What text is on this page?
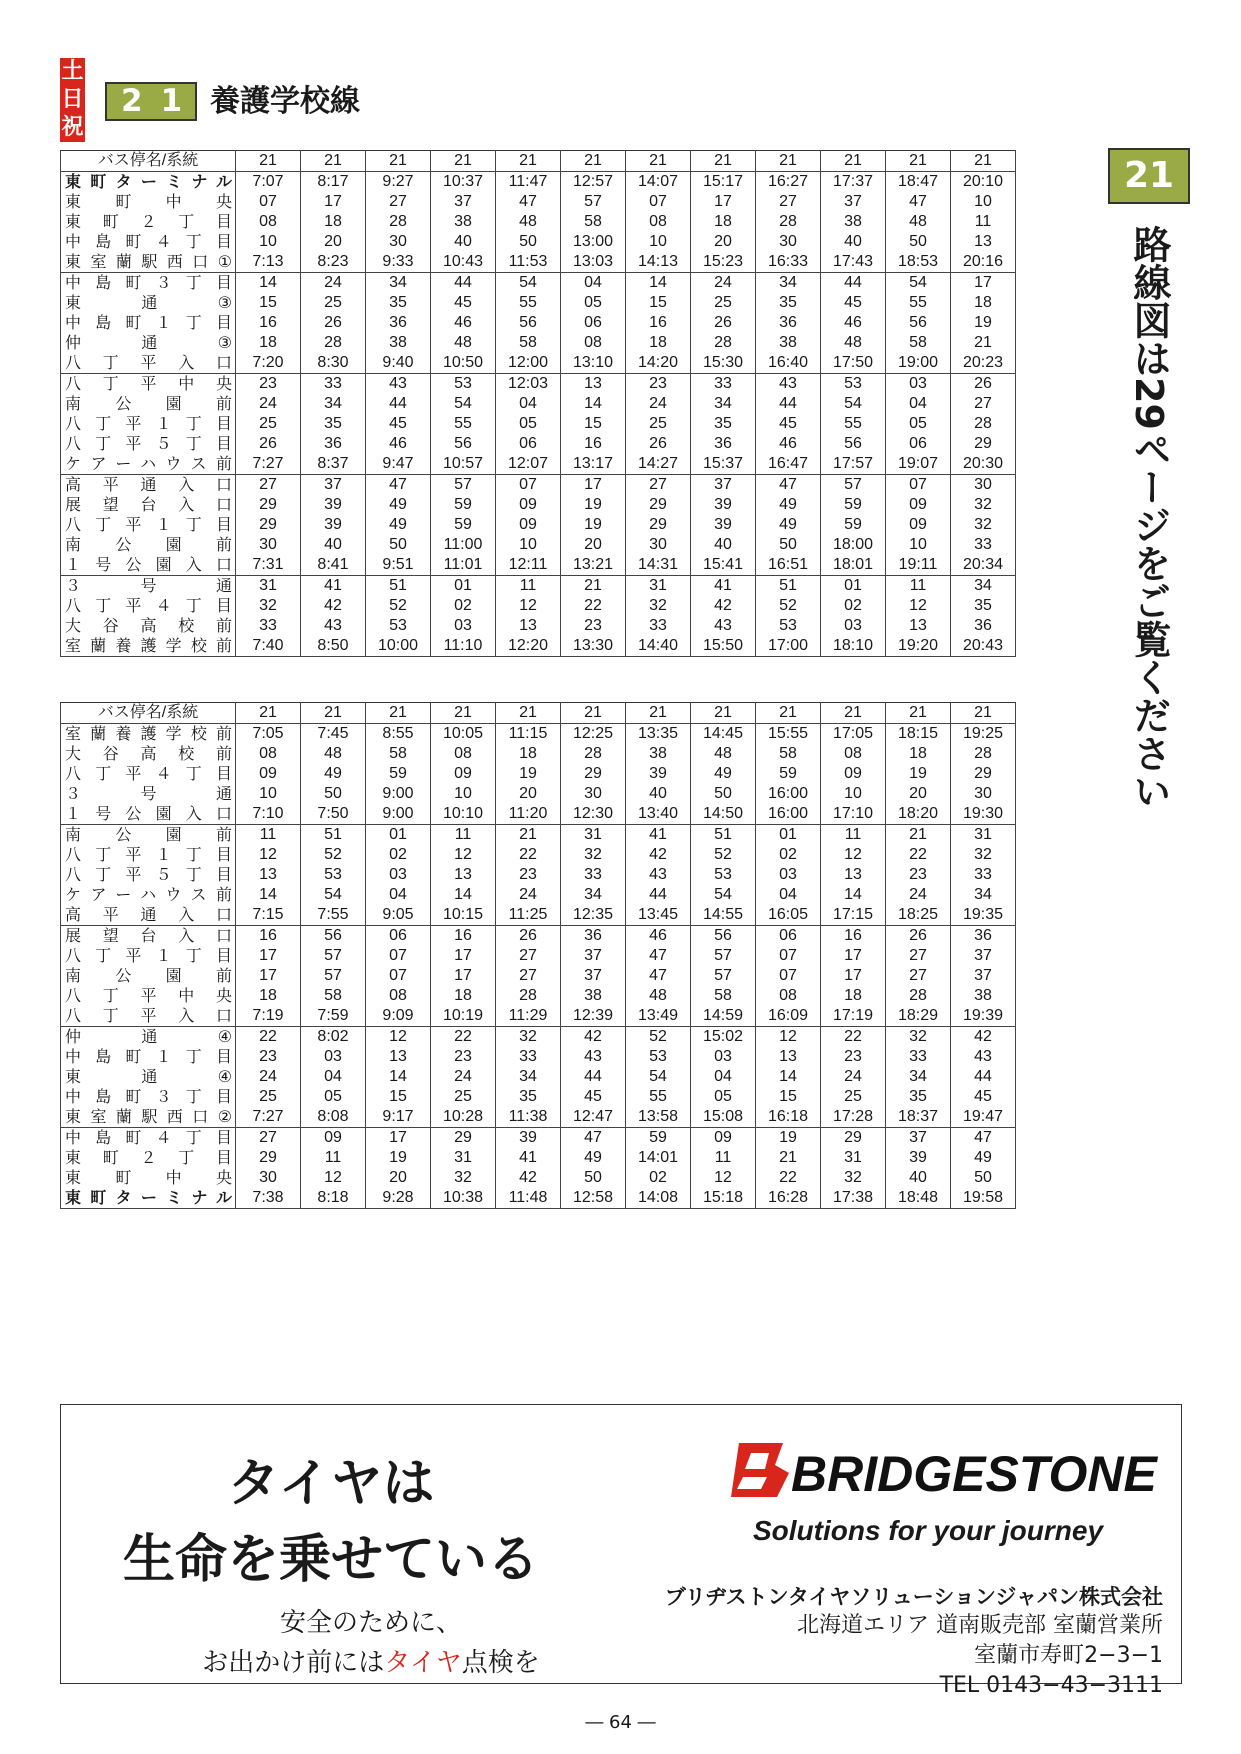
土日祝
21 養護学校線
21
路線図は29ページをご覧ください
バス停名/系統	21	21	21	21	21	21	21	21	21	21	21	21
東町ターミナル	7:07	8:17	9:27	10:37	11:47	12:57	14:07	15:17	16:27	17:37	18:47	20:10
東町中央	07	17	27	37	47	57	07	17	27	37	47	10
東町２丁目	08	18	28	38	48	58	08	18	28	38	48	11
中島町４丁目	10	20	30	40	50	13:00	10	20	30	40	50	13
東室蘭駅西口①	7:13	8:23	9:33	10:43	11:53	13:03	14:13	15:23	16:33	17:43	18:53	20:16
中島町３丁目	14	24	34	44	54	04	14	24	34	44	54	17
東通③	15	25	35	45	55	05	15	25	35	45	55	18
中島町１丁目	16	26	36	46	56	06	16	26	36	46	56	19
仲通③	18	28	38	48	58	08	18	28	38	48	58	21
八丁平入口	7:20	8:30	9:40	10:50	12:00	13:10	14:20	15:30	16:40	17:50	19:00	20:23
八丁平中央	23	33	43	53	12:03	13	23	33	43	53	03	26
南公園前	24	34	44	54	04	14	24	34	44	54	04	27
八丁平１丁目	25	35	45	55	05	15	25	35	45	55	05	28
八丁平５丁目	26	36	46	56	06	16	26	36	46	56	06	29
ケアーハウス前	7:27	8:37	9:47	10:57	12:07	13:17	14:27	15:37	16:47	17:57	19:07	20:30
高平通入口	27	37	47	57	07	17	27	37	47	57	07	30
展望台入口	29	39	49	59	09	19	29	39	49	59	09	32
八丁平１丁目	29	39	49	59	09	19	29	39	49	59	09	32
南公園前	30	40	50	11:00	10	20	30	40	50	18:00	10	33
１号公園入口	7:31	8:41	9:51	11:01	12:11	13:21	14:31	15:41	16:51	18:01	19:11	20:34
３号通	31	41	51	01	11	21	31	41	51	01	11	34
八丁平４丁目	32	42	52	02	12	22	32	42	52	02	12	35
大谷高校前	33	43	53	03	13	23	33	43	53	03	13	36
室蘭養護学校前	7:40	8:50	10:00	11:10	12:20	13:30	14:40	15:50	17:00	18:10	19:20	20:43
バス停名/系統	21	21	21	21	21	21	21	21	21	21	21	21
室蘭養護学校前	7:05	7:45	8:55	10:05	11:15	12:25	13:35	14:45	15:55	17:05	18:15	19:25
大谷高校前	08	48	58	08	18	28	38	48	58	08	18	28
八丁平４丁目	09	49	59	09	19	29	39	49	59	09	19	29
３号通	10	50	9:00	10	20	30	40	50	16:00	10	20	30
１号公園入口	7:10	7:50	9:00	10:10	11:20	12:30	13:40	14:50	16:00	17:10	18:20	19:30
南公園前	11	51	01	11	21	31	41	51	01	11	21	31
八丁平１丁目	12	52	02	12	22	32	42	52	02	12	22	32
八丁平５丁目	13	53	03	13	23	33	43	53	03	13	23	33
ケアーハウス前	14	54	04	14	24	34	44	54	04	14	24	34
高平通入口	7:15	7:55	9:05	10:15	11:25	12:35	13:45	14:55	16:05	17:15	18:25	19:35
展望台入口	16	56	06	16	26	36	46	56	06	16	26	36
八丁平１丁目	17	57	07	17	27	37	47	57	07	17	27	37
南公園前	17	57	07	17	27	37	47	57	07	17	27	37
八丁平中央	18	58	08	18	28	38	48	58	08	18	28	38
八丁平入口	7:19	7:59	9:09	10:19	11:29	12:39	13:49	14:59	16:09	17:19	18:29	19:39
仲通④	22	8:02	12	22	32	42	52	15:02	12	22	32	42
中島町１丁目	23	03	13	23	33	43	53	03	13	23	33	43
東通④	24	04	14	24	34	44	54	04	14	24	34	44
中島町３丁目	25	05	15	25	35	45	55	05	15	25	35	45
東室蘭駅西口②	7:27	8:08	9:17	10:28	11:38	12:47	13:58	15:08	16:18	17:28	18:37	19:47
中島町４丁目	27	09	17	29	39	47	59	09	19	29	37	47
東町２丁目	29	11	19	31	41	49	14:01	11	21	31	39	49
東町中央	30	12	20	32	42	50	02	12	22	32	40	50
東町ターミナル	7:38	8:18	9:28	10:38	11:48	12:58	14:08	15:18	16:28	17:38	18:48	19:58
タイヤは
生命を乗せている
安全のために、
お出かけ前にはタイヤ点検を
BRIDGESTONE
Solutions for your journey
ブリヂストンタイヤソリューションジャパン株式会社
北海道エリア 道南販売部 室蘭営業所
室蘭市寿町2−3−1
TEL 0143−43−3111
― 64 ―
